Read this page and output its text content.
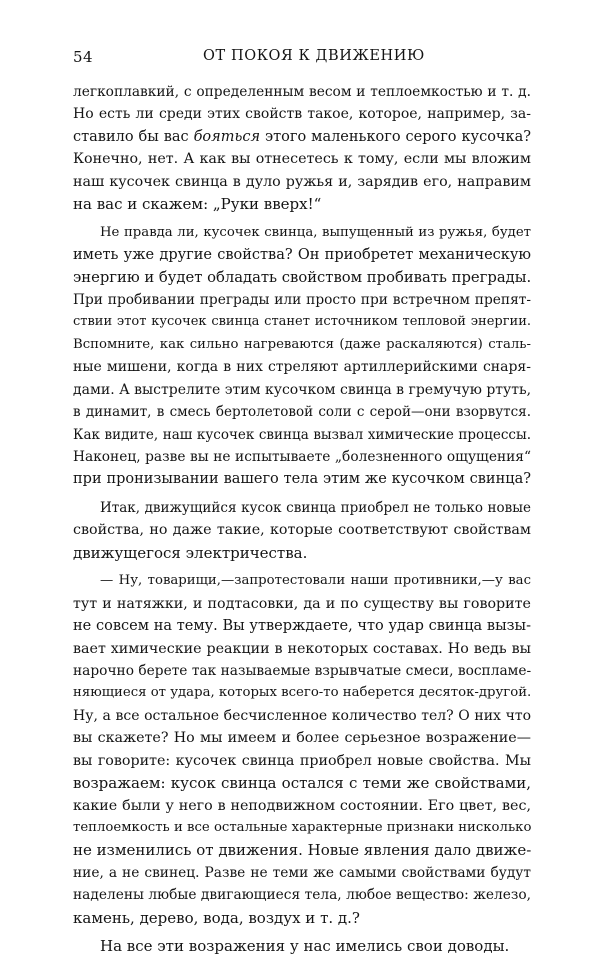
54	ОТ ПОКОЯ К ДВИЖЕНИЮ
легкоплавкий, с определенным весом и теплоемкостью и т. д.
Но есть ли среди этих свойств такое, которое, например, за-
ставило бы вас бояться этого маленького серого кусочка?
Конечно, нет. А как вы отнесетесь к тому, если мы вложим
наш кусочек свинца в дуло ружья и, зарядив его, направим
на вас и скажем: „Руки вверх!“
Не правда ли, кусочек свинца, выпущенный из ружья, будет
иметь уже другие свойства? Он приобретет механическую
энергию и будет обладать свойством пробивать преграды.
При пробивании преграды или просто при встречном препят-
ствии этот кусочек свинца станет источником тепловой энергии.
Вспомните, как сильно нагреваются (даже раскаляются) сталь-
ные мишени, когда в них стреляют артиллерийскими снаря-
дами. А выстрелите этим кусочком свинца в гремучую ртуть,
в динамит, в смесь бертолетовой соли с серой—они взорвутся.
Как видите, наш кусочек свинца вызвал химические процессы.
Наконец, разве вы не испытываете „болезненного ощущения“
при пронизывании вашего тела этим же кусочком свинца?
Итак, движущийся кусок свинца приобрел не только новые
свойства, но даже такие, которые соответствуют свойствам
движущегося электричества.
— Ну, товарищи,—запротестовали наши противники,—у вас
тут и натяжки, и подтасовки, да и по существу вы говорите
не совсем на тему. Вы утверждаете, что удар свинца вызы-
вает химические реакции в некоторых составах. Но ведь вы
нарочно берете так называемые взрывчатые смеси, воспламе-
няющиеся от удара, которых всего-то наберется десяток-другой.
Ну, а все остальное бесчисленное количество тел? О них что
вы скажете? Но мы имеем и более серьезное возражение—
вы говорите: кусочек свинца приобрел новые свойства. Мы
возражаем: кусок свинца остался с теми же свойствами,
какие были у него в неподвижном состоянии. Его цвет, вес,
теплоемкость и все остальные характерные признаки нисколько
не изменились от движения. Новые явления дало движе-
ние, а не свинец. Разве не теми же самыми свойствами будут
наделены любые двигающиеся тела, любое вещество: железо,
камень, дерево, вода, воздух и т. д.?
На все эти возражения у нас имелись свои доводы.
